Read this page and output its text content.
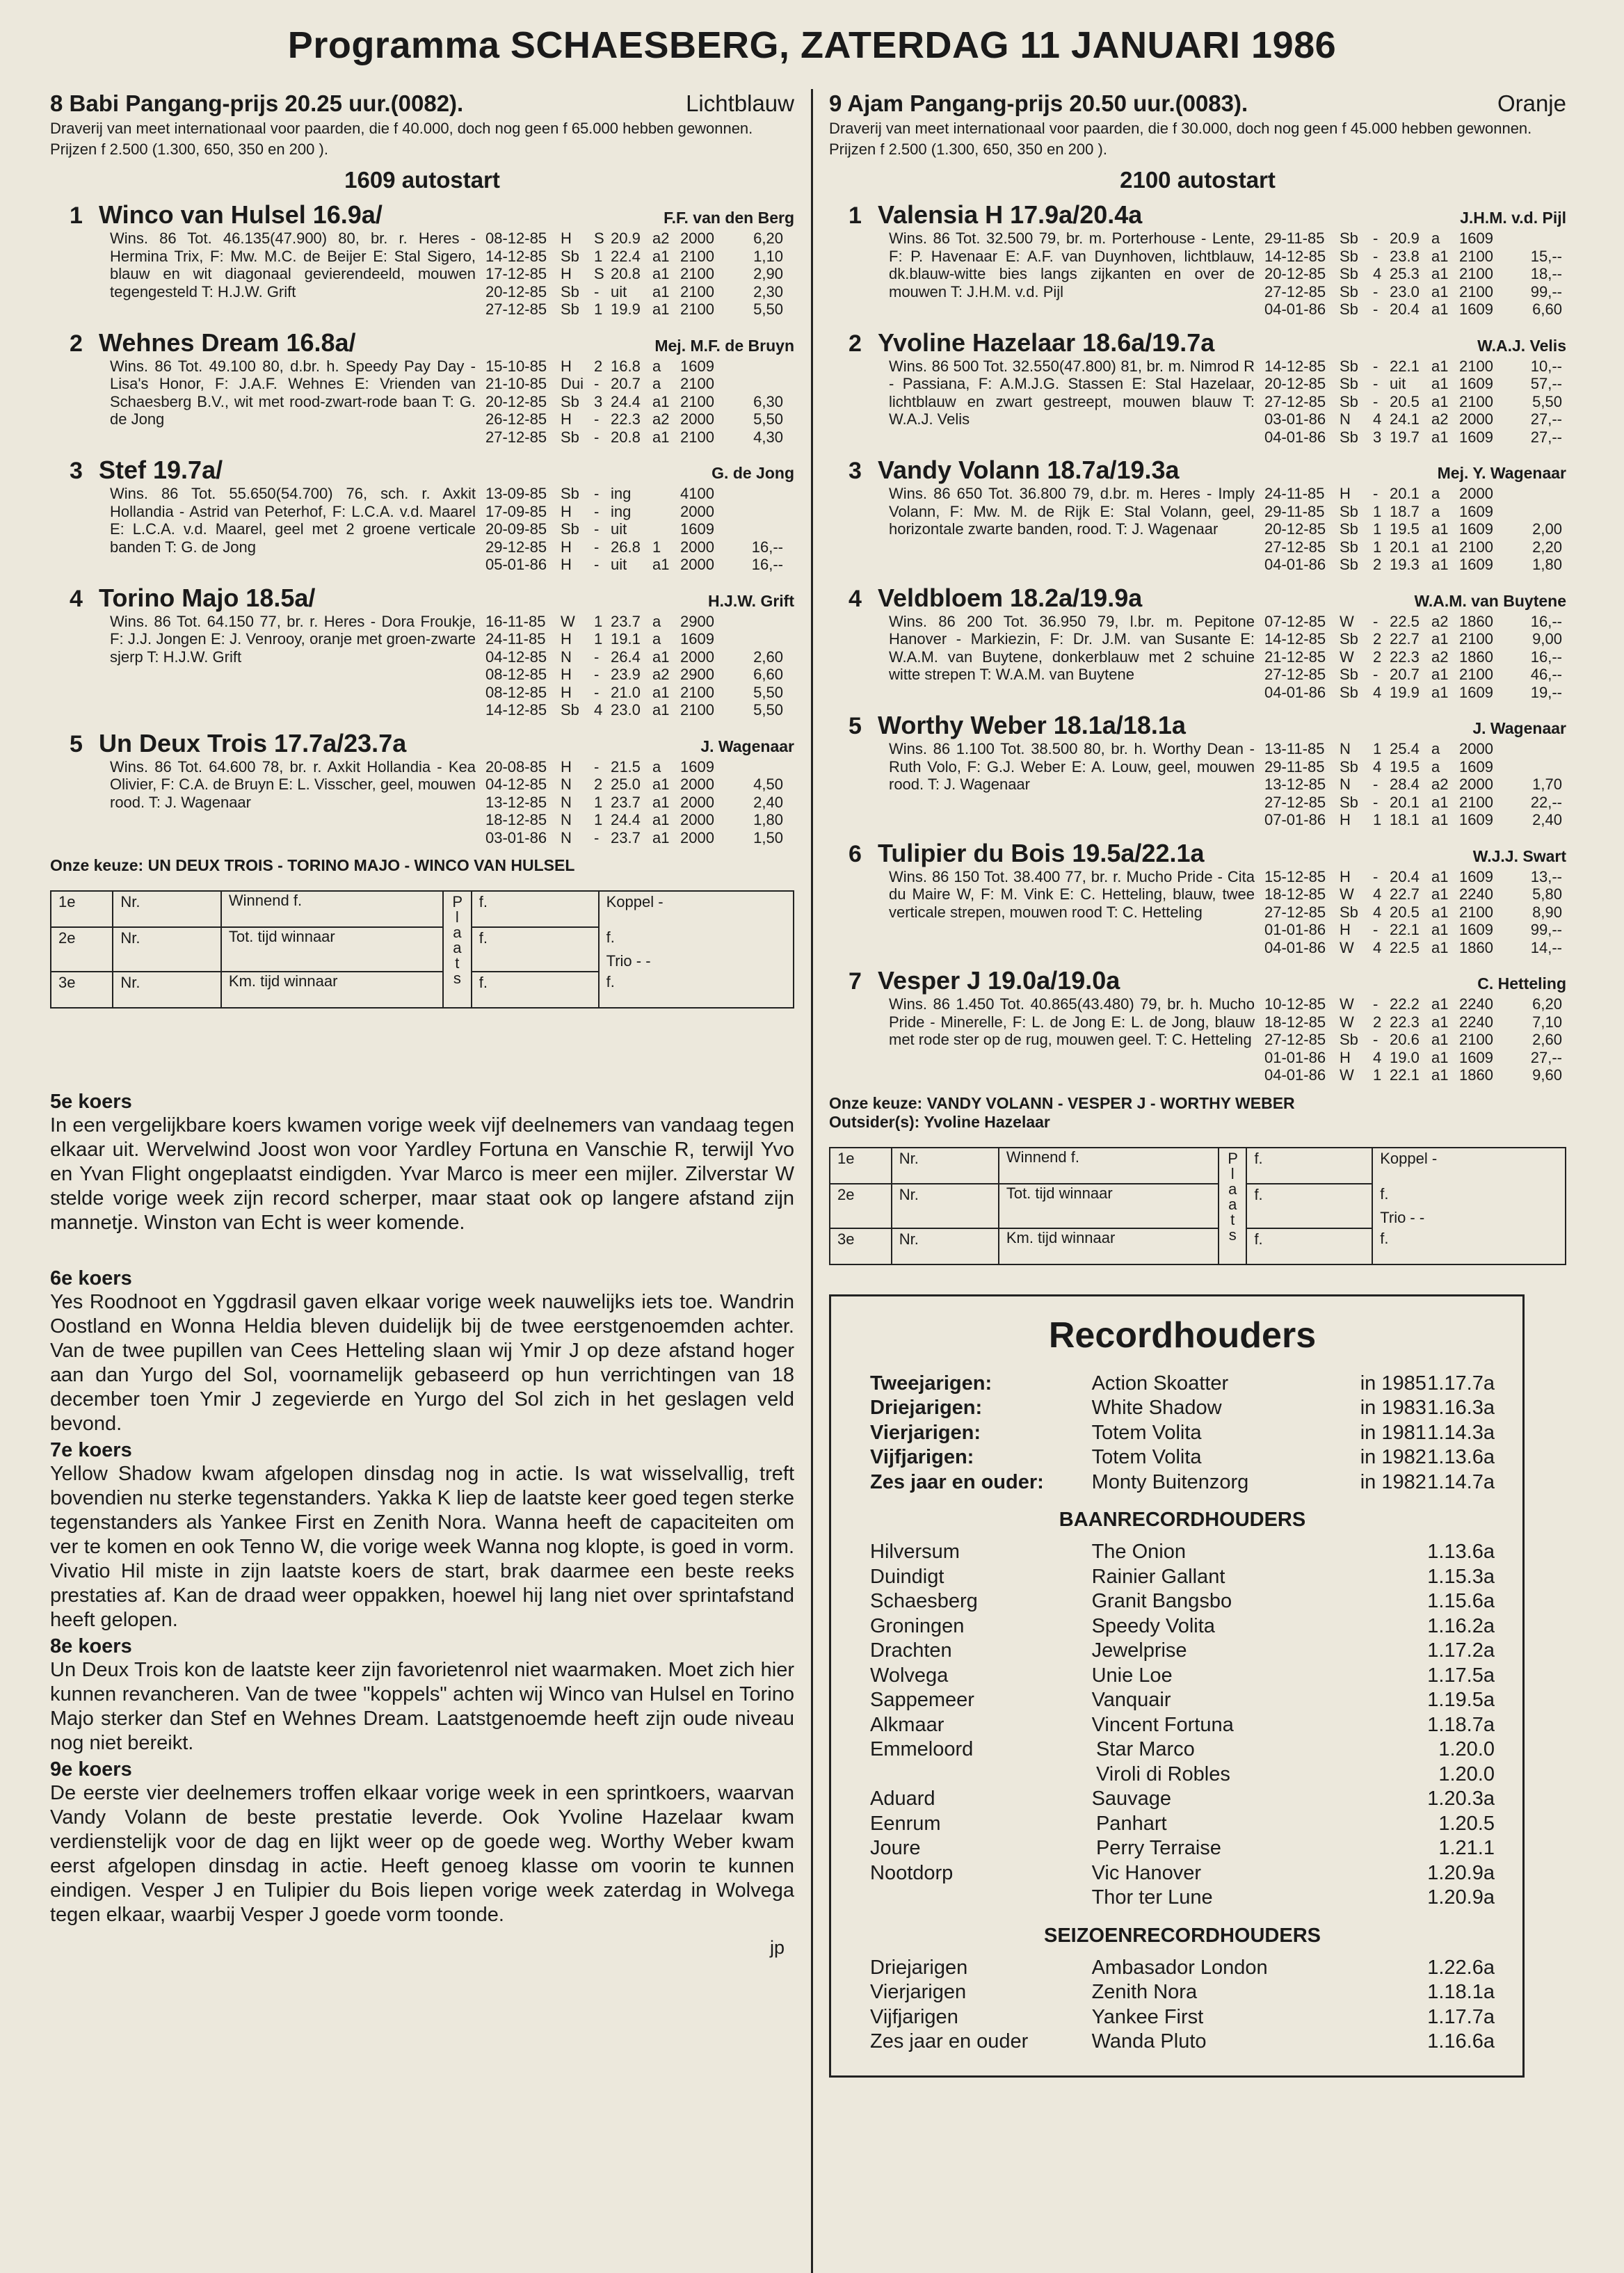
Programma SCHAESBERG, ZATERDAG 11 JANUARI 1986
8 Babi Pangang-prijs 20.25 uur.(0082).	Lichtblauw
Draverij van meet internationaal voor paarden, die f 40.000, doch nog geen f 65.000 hebben gewonnen.
Prijzen f 2.500 (1.300, 650, 350 en 200 ).
1609 autostart
1 Winco van Hulsel 16.9a/	F.F. van den Berg
Wins. 86 Tot. 46.135(47.900) 80, br. r. Heres - Hermina Trix, F: Mw. M.C. de Beijer E: Stal Sigero, blauw en wit diagonaal gevierendeeld, mouwen tegengesteld T: H.J.W. Grift
08-12-85 H	S 20.9 a2 2000	6,20
14-12-85 Sb 1 22.4 a1 2100	1,10
17-12-85 H	S 20.8 a1 2100	2,90
20-12-85 Sb - uit	a1 2100	2,30
27-12-85 Sb 1 19.9 a1 2100	5,50
2 Wehnes Dream 16.8a/	Mej. M.F. de Bruyn
Wins. 86 Tot. 49.100 80, d.br. h. Speedy Pay Day - Lisa's Honor, F: J.A.F. Wehnes E: Vrienden van Schaesberg B.V., wit met rood-zwart-rode baan T: G. de Jong
15-10-85 H	2 16.8 a	1609
21-10-85 Dui - 20.7 a	2100
20-12-85 Sb 3 24.4 a1 2100	6,30
26-12-85 H	- 22.3 a2 2000	5,50
27-12-85 Sb - 20.8 a1 2100	4,30
3 Stef 19.7a/	G. de Jong
Wins. 86 Tot. 55.650(54.700) 76, sch. r. Axkit Hollandia - Astrid van Peterhof, F: L.C.A. v.d. Maarel E: L.C.A. v.d. Maarel, geel met 2 groene verticale banden T: G. de Jong
13-09-85 Sb - ing	4100
17-09-85 H	- ing	2000
20-09-85 Sb - uit	1609
29-12-85 H	- 26.8 1	2000	16,--
05-01-86 H	- uit	a1 2000	16,--
4 Torino Majo 18.5a/	H.J.W. Grift
Wins. 86 Tot. 64.150 77, br. r. Heres - Dora Froukje, F: J.J. Jongen E: J. Venrooy, oranje met groen-zwarte sjerp T: H.J.W. Grift
16-11-85 W	1 23.7 a	2900
24-11-85 H	1 19.1 a	1609
04-12-85 N	- 26.4 a1 2000	2,60
08-12-85 H	- 23.9 a2 2900	6,60
08-12-85 H	- 21.0 a1 2100	5,50
14-12-85 Sb 4 23.0 a1 2100	5,50
5 Un Deux Trois 17.7a/23.7a	J. Wagenaar
Wins. 86 Tot. 64.600 78, br. r. Axkit Hollandia - Kea Olivier, F: C.A. de Bruyn E: L. Visscher, geel, mouwen rood. T: J. Wagenaar
20-08-85 H	- 21.5 a	1609
04-12-85 N	2 25.0 a1 2000	4,50
13-12-85 N	1 23.7 a1 2000	2,40
18-12-85 N	1 24.4 a1 2000	1,80
03-01-86 N	- 23.7 a1 2000	1,50
Onze keuze: UN DEUX TROIS - TORINO MAJO - WINCO VAN HULSEL
1e	Nr.	Winnend f.	P l a a t s	f.	Koppel -

2e	Nr.	Tot. tijd winnaar		f.	f.
Trio - -

3e	Nr.	Km. tijd winnaar		f.	f.
5e koers
In een vergelijkbare koers kwamen vorige week vijf deelnemers van vandaag tegen elkaar uit. Wervelwind Joost won voor Yardley Fortuna en Vanschie R, terwijl Yvo en Yvan Flight ongeplaatst eindigden. Yvar Marco is meer een mijler. Zilverstar W stelde vorige week zijn record scherper, maar staat ook op langere afstand zijn mannetje. Winston van Echt is weer komende.
6e koers
Yes Roodnoot en Yggdrasil gaven elkaar vorige week nauwelijks iets toe. Wandrin Oostland en Wonna Heldia bleven duidelijk bij de twee eerstgenoemden achter. Van de twee pupillen van Cees Hetteling slaan wij Ymir J op deze afstand hoger aan dan Yurgo del Sol, voornamelijk gebaseerd op hun verrichtingen van 18 december toen Ymir J zegevierde en Yurgo del Sol zich in het geslagen veld bevond.
7e koers
Yellow Shadow kwam afgelopen dinsdag nog in actie. Is wat wisselvallig, treft bovendien nu sterke tegenstanders. Yakka K liep de laatste keer goed tegen sterke tegenstanders als Yankee First en Zenith Nora. Wanna heeft de capaciteiten om ver te komen en ook Tenno W, die vorige week Wanna nog klopte, is goed in vorm. Vivatio Hil miste in zijn laatste koers de start, brak daarmee een beste reeks prestaties af. Kan de draad weer oppakken, hoewel hij lang niet over sprintafstand heeft gelopen.
8e koers
Un Deux Trois kon de laatste keer zijn favorietenrol niet waarmaken. Moet zich hier kunnen revancheren. Van de twee "koppels" achten wij Winco van Hulsel en Torino Majo sterker dan Stef en Wehnes Dream. Laatstgenoemde heeft zijn oude niveau nog niet bereikt.
9e koers
De eerste vier deelnemers troffen elkaar vorige week in een sprintkoers, waarvan Vandy Volann de beste prestatie leverde. Ook Yvoline Hazelaar kwam verdienstelijk voor de dag en lijkt weer op de goede weg. Worthy Weber kwam eerst afgelopen dinsdag in actie. Heeft genoeg klasse om voorin te kunnen eindigen. Vesper J en Tulipier du Bois liepen vorige week zaterdag in Wolvega tegen elkaar, waarbij Vesper J goede vorm toonde.
jp
9 Ajam Pangang-prijs 20.50 uur.(0083).	Oranje
Draverij van meet internationaal voor paarden, die f 30.000, doch nog geen f 45.000 hebben gewonnen.
Prijzen f 2.500 (1.300, 650, 350 en 200 ).
2100 autostart
1 Valensia H 17.9a/20.4a	J.H.M. v.d. Pijl
Wins. 86 Tot. 32.500 79, br. m. Porterhouse - Lente, F: P. Havenaar E: A.F. van Duynhoven, lichtblauw, dk.blauw-witte bies langs zijkanten en over de mouwen T: J.H.M. v.d. Pijl
29-11-85 Sb - 20.9 a	1609
14-12-85 Sb - 23.8 a1 2100	15,--
20-12-85 Sb 4 25.3 a1 2100	18,--
27-12-85 Sb - 23.0 a1 2100	99,--
04-01-86 Sb - 20.4 a1 1609	6,60
2 Yvoline Hazelaar 18.6a/19.7a	W.A.J. Velis
Wins. 86 500 Tot. 32.550(47.800) 81, br. m. Nimrod R - Passiana, F: A.M.J.G. Stassen E: Stal Hazelaar, lichtblauw en zwart gestreept, mouwen blauw T: W.A.J. Velis
14-12-85 Sb - 22.1 a1 2100	10,--
20-12-85 Sb - uit	a1 1609	57,--
27-12-85 Sb - 20.5 a1 2100	5,50
03-01-86 N	4 24.1 a2 2000	27,--
04-01-86 Sb 3 19.7 a1 1609	27,--
3 Vandy Volann 18.7a/19.3a	Mej. Y. Wagenaar
Wins. 86 650 Tot. 36.800 79, d.br. m. Heres - Imply Volann, F: Mw. M. de Rijk E: Stal Volann, geel, horizontale zwarte banden, rood. T: J. Wagenaar
24-11-85 H	- 20.1 a	2000
29-11-85 Sb 1 18.7 a	1609
20-12-85 Sb 1 19.5 a1 1609	2,00
27-12-85 Sb 1 20.1 a1 2100	2,20
04-01-86 Sb 2 19.3 a1 1609	1,80
4 Veldbloem 18.2a/19.9a	W.A.M. van Buytene
Wins. 86 200 Tot. 36.950 79, l.br. m. Pepitone Hanover - Markiezin, F: Dr. J.M. van Susante E: W.A.M. van Buytene, donkerblauw met 2 schuine witte strepen T: W.A.M. van Buytene
07-12-85 W	- 22.5 a2 1860	16,--
14-12-85 Sb 2 22.7 a1 2100	9,00
21-12-85 W	2 22.3 a2 1860	16,--
27-12-85 Sb - 20.7 a1 2100	46,--
04-01-86 Sb 4 19.9 a1 1609	19,--
5 Worthy Weber 18.1a/18.1a	J. Wagenaar
Wins. 86 1.100 Tot. 38.500 80, br. h. Worthy Dean - Ruth Volo, F: G.J. Weber E: A. Louw, geel, mouwen rood. T: J. Wagenaar
13-11-85 N	1 25.4 a	2000
29-11-85 Sb 4 19.5 a	1609
13-12-85 N	- 28.4 a2 2000	1,70
27-12-85 Sb - 20.1 a1 2100	22,--
07-01-86 H	1 18.1 a1 1609	2,40
6 Tulipier du Bois 19.5a/22.1a	W.J.J. Swart
Wins. 86 150 Tot. 38.400 77, br. r. Mucho Pride - Cita du Maire W, F: M. Vink E: C. Hetteling, blauw, twee verticale strepen, mouwen rood T: C. Hetteling
15-12-85 H	- 20.4 a1 1609	13,--
18-12-85 W	4 22.7 a1 2240	5,80
27-12-85 Sb 4 20.5 a1 2100	8,90
01-01-86 H	- 22.1 a1 1609	99,--
04-01-86 W	4 22.5 a1 1860	14,--
7 Vesper J 19.0a/19.0a	C. Hetteling
Wins. 86 1.450 Tot. 40.865(43.480) 79, br. h. Mucho Pride - Minerelle, F: L. de Jong E: L. de Jong, blauw met rode ster op de rug, mouwen geel. T: C. Hetteling
10-12-85 W	- 22.2 a1 2240	6,20
18-12-85 W	2 22.3 a1 2240	7,10
27-12-85 Sb - 20.6 a1 2100	2,60
01-01-86 H	4 19.0 a1 1609	27,--
04-01-86 W	1 22.1 a1 1860	9,60
Onze keuze: VANDY VOLANN - VESPER J - WORTHY WEBER
Outsider(s): Yvoline Hazelaar
1e	Nr.	Winnend f.	P l a a t s	f.	Koppel -

2e	Nr.	Tot. tijd winnaar		f.	f.
Trio - -

3e	Nr.	Km. tijd winnaar		f.	f.
Recordhouders
Tweejarigen:	Action Skoatter	in 1985 1.17.7a
Driejarigen:	White Shadow	in 1983 1.16.3a
Vierjarigen:	Totem Volita	in 1981 1.14.3a
Vijfjarigen:	Totem Volita	in 1982 1.13.6a
Zes jaar en ouder:	Monty Buitenzorg	in 1982 1.14.7a
BAANRECORDHOUDERS
Hilversum	The Onion	1.13.6a
Duindigt	Rainier Gallant	1.15.3a
Schaesberg	Granit Bangsbo	1.15.6a
Groningen	Speedy Volita	1.16.2a
Drachten	Jewelprise	1.17.2a
Wolvega	Unie Loe	1.17.5a
Sappemeer	Vanquair	1.19.5a
Alkmaar	Vincent Fortuna	1.18.7a
Emmeloord	Star Marco	1.20.0
Viroli di Robles	1.20.0
Aduard	Sauvage	1.20.3a
Eenrum	Panhart	1.20.5
Joure	Perry Terraise	1.21.1
Nootdorp	Vic Hanover	1.20.9a
Thor ter Lune	1.20.9a
SEIZOENRECORDHOUDERS
Driejarigen	Ambasador London	1.22.6a
Vierjarigen	Zenith Nora	1.18.1a
Vijfjarigen	Yankee First	1.17.7a
Zes jaar en ouder	Wanda Pluto	1.16.6a
